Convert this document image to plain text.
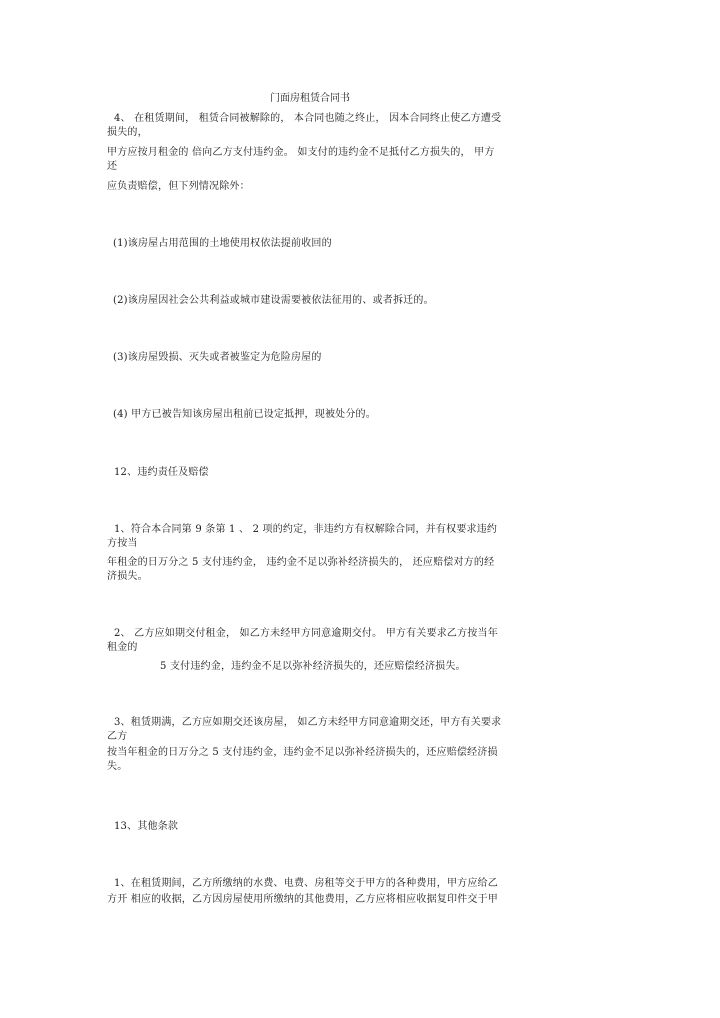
门面房租赁合同书
4、 在租赁期间， 租赁合同被解除的， 本合同也随之终止， 因本合同终止使乙方遭受
损失的，
甲方应按月租金的 倍向乙方支付违约金。 如支付的违约金不足抵付乙方损失的， 甲方
还
应负责赔偿，但下列情况除外：
(1)该房屋占用范围的土地使用权依法提前收回的
(2)该房屋因社会公共利益或城市建设需要被依法征用的、或者拆迁的。
(3)该房屋毁损、灭失或者被鉴定为危险房屋的
(4) 甲方已被告知该房屋出租前已设定抵押，现被处分的。
12、违约责任及赔偿
1、符合本合同第 9 条第 1 、 2 项的约定，非违约方有权解除合同，并有权要求违约
方按当
年租金的日万分之 5 支付违约金， 违约金不足以弥补经济损失的， 还应赔偿对方的经
济损失。
2、 乙方应如期交付租金， 如乙方未经甲方同意逾期交付。 甲方有关要求乙方按当年
租金的
5 支付违约金，违约金不足以弥补经济损失的，还应赔偿经济损失。
3、租赁期满，乙方应如期交还该房屋， 如乙方未经甲方同意逾期交还，甲方有关要求
乙方
按当年租金的日万分之 5 支付违约金，违约金不足以弥补经济损失的，还应赔偿经济损
失。
13、其他条款
1、在租赁期间，乙方所缴纳的水费、电费、房租等交于甲方的各种费用，甲方应给乙
方开 相应的收据，乙方因房屋使用所缴纳的其他费用，乙方应将相应收据复印件交于甲
